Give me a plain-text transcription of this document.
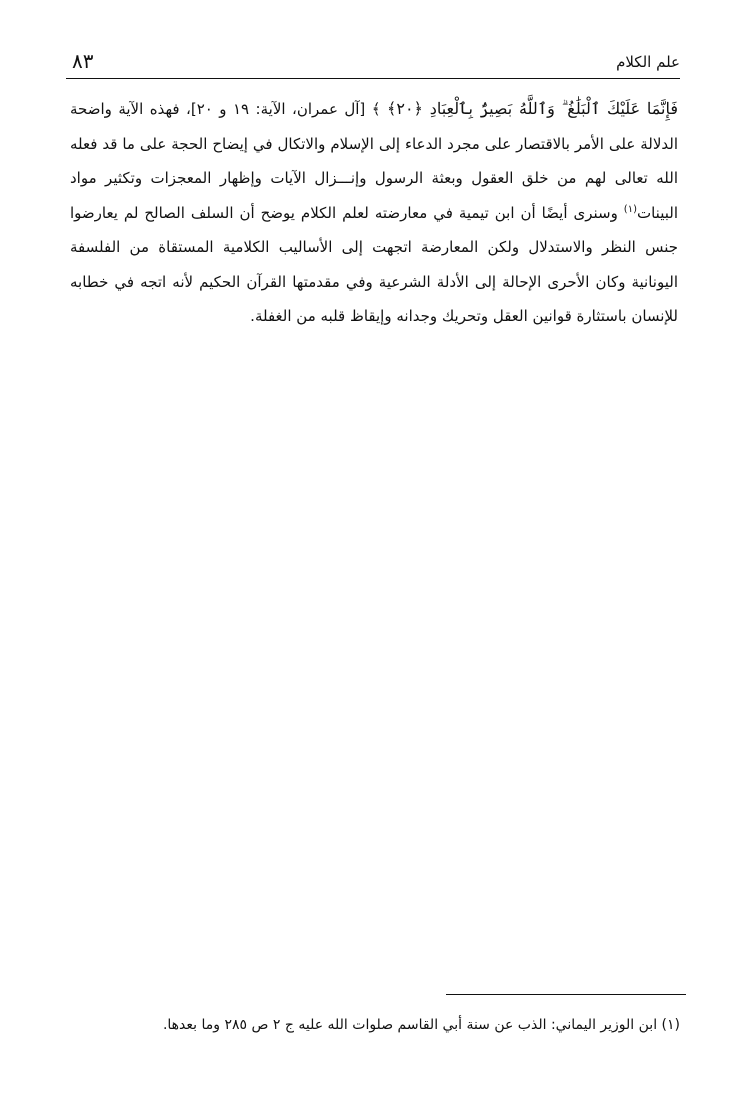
علم الكلام
٨٣

فَإِنَّمَا عَلَيْكَ ٱلْبَلَٰغُ ۗ وَٱللَّهُ بَصِيرٌۢ بِٱلْعِبَادِ ﴿٢٠﴾ ﴾ [آل عمران، الآية: ١٩ و ٢٠]، فهذه الآية واضحة الدلالة على الأمر بالاقتصار على مجرد الدعاء إلى الإسلام والاتكال في إيضاح الحجة على ما قد فعله الله تعالى لهم من خلق العقول وبعثة الرسول وإنـــزال الآيات وإظهار المعجزات وتكثير مواد البينات$^{(١)}$ وسنرى أيضًا أن ابن تيمية في معارضته لعلم الكلام يوضح أن السلف الصالح لم يعارضوا جنس النظر والاستدلال ولكن المعارضة اتجهت إلى الأساليب الكلامية المستقاة من الفلسفة اليونانية وكان الأحرى الإحالة إلى الأدلة الشرعية وفي مقدمتها القرآن الحكيم لأنه اتجه في خطابه للإنسان باستثارة قوانين العقل وتحريك وجدانه وإيقاظ قلبه من الغفلة.

(١) ابن الوزير اليماني: الذب عن سنة أبي القاسم صلوات الله عليه ج ٢ ص ٢٨٥ وما بعدها.
